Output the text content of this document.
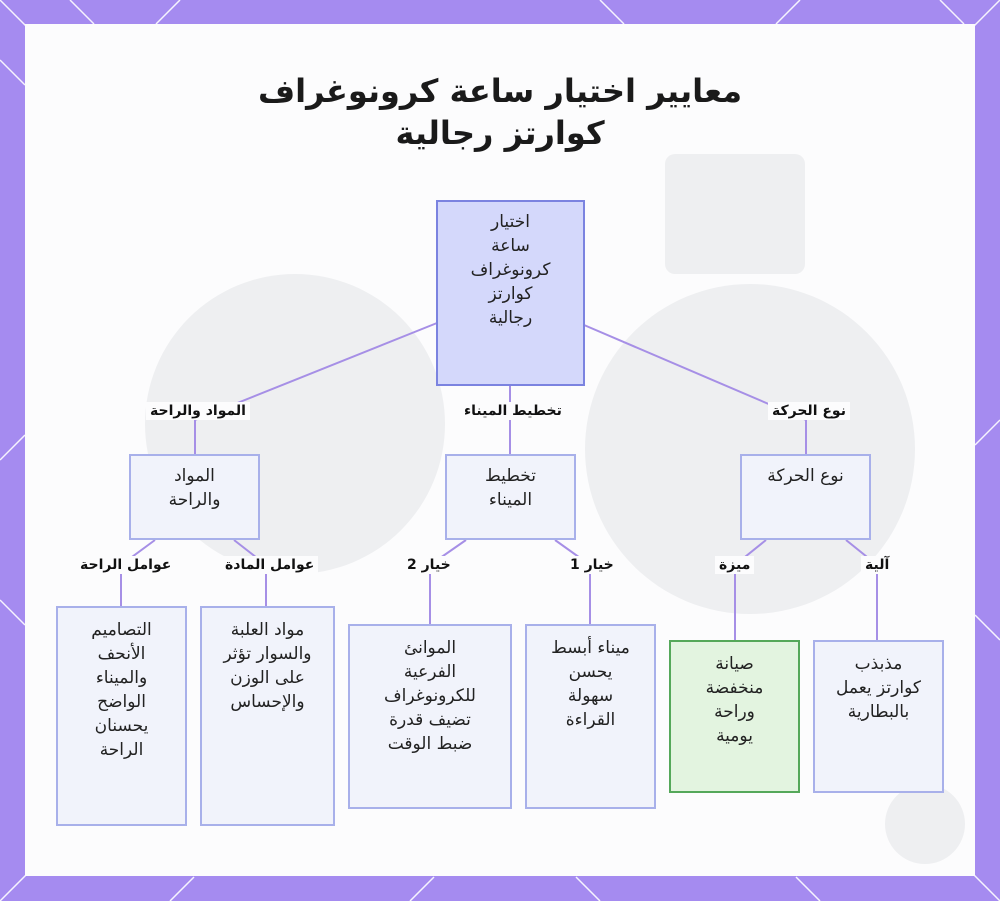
معايير اختيار ساعة كرونوغراف
كوارتز رجالية
اختيار
ساعة
كرونوغراف
كوارتز
رجالية
المواد
والراحة
تخطيط
الميناء
نوع الحركة
التصاميم
الأنحف
والميناء
الواضح
يحسنان
الراحة
مواد العلبة
والسوار تؤثر
على الوزن
والإحساس
الموانئ
الفرعية
للكرونوغراف
تضيف قدرة
ضبط الوقت
ميناء أبسط
يحسن
سهولة
القراءة
صيانة
منخفضة
وراحة
يومية
مذبذب
كوارتز يعمل
بالبطارية
المواد والراحة	تخطيط الميناء	نوع الحركة
عوامل الراحة	عوامل المادة	خيار 2	خيار 1	ميزة	آلية
